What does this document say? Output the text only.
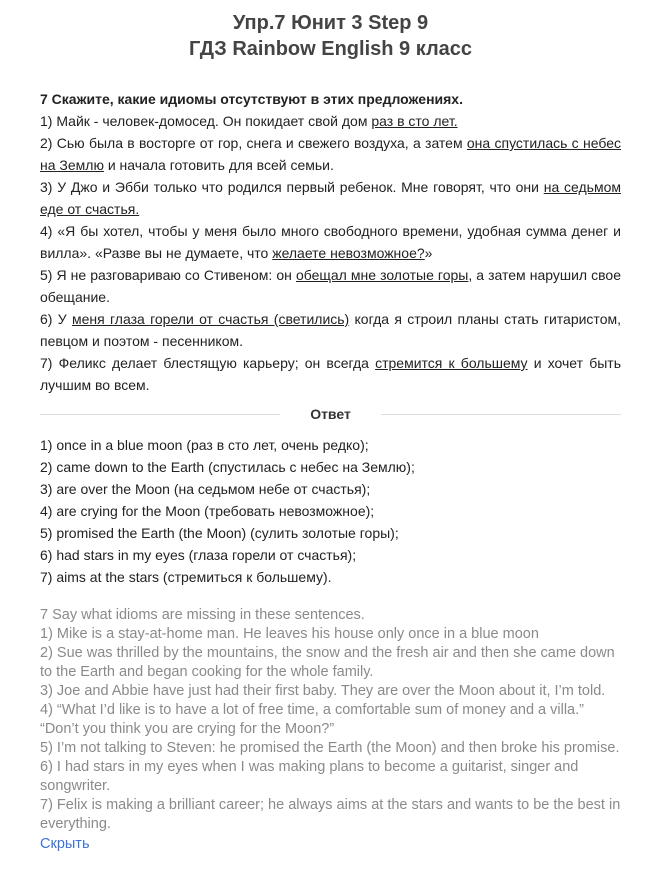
Упр.7 Юнит 3 Step 9
ГДЗ Rainbow English 9 класс

7 Скажите, какие идиомы отсутствуют в этих предложениях.

1) Майк - человек-домосед. Он покидает свой дом раз в сто лет.

2) Сью была в восторге от гор, снега и свежего воздуха, а затем она спустилась с небес на Землю и начала готовить для всей семьи.

3) У Джо и Эбби только что родился первый ребенок. Мне говорят, что они на седьмом еде от счастья.

4) «Я бы хотел, чтобы у меня было много свободного времени, удобная сумма денег и вилла». «Разве вы не думаете, что желаете невозможное?»

5) Я не разговариваю со Стивеном: он обещал мне золотые горы, а затем нарушил свое обещание.

6) У меня глаза горели от счастья (светились) когда я строил планы стать гитаристом, певцом и поэтом - песенником.

7) Феликс делает блестящую карьеру; он всегда стремится к большему и хочет быть лучшим во всем.

Ответ

1) once in a blue moon (раз в сто лет, очень редко);

2) came down to the Earth (спустилась с небес на Землю);

3) are over the Moon (на седьмом небе от счастья);

4) are crying for the Moon (требовать невозможное);

5) promised the Earth (the Moon) (сулить золотые горы);

6) had stars in my eyes (глаза горели от счастья);

7) aims at the stars (стремиться к большему).

7 Say what idioms are missing in these sentences.

1) Mike is a stay-at-home man. He leaves his house only once in a blue moon

2) Sue was thrilled by the mountains, the snow and the fresh air and then she came down to the Earth and began cooking for the whole family.

3) Joe and Abbie have just had their first baby. They are over the Moon about it, I’m told.

4) “What I’d like is to have a lot of free time, a comfortable sum of money and a villa.” “Don’t you think you are crying for the Moon?”

5) I’m not talking to Steven: he promised the Earth (the Moon) and then broke his promise.

6) I had stars in my eyes when I was making plans to become a guitarist, singer and songwriter.

7) Felix is making a brilliant career; he always aims at the stars and wants to be the best in everything.

Скрыть
